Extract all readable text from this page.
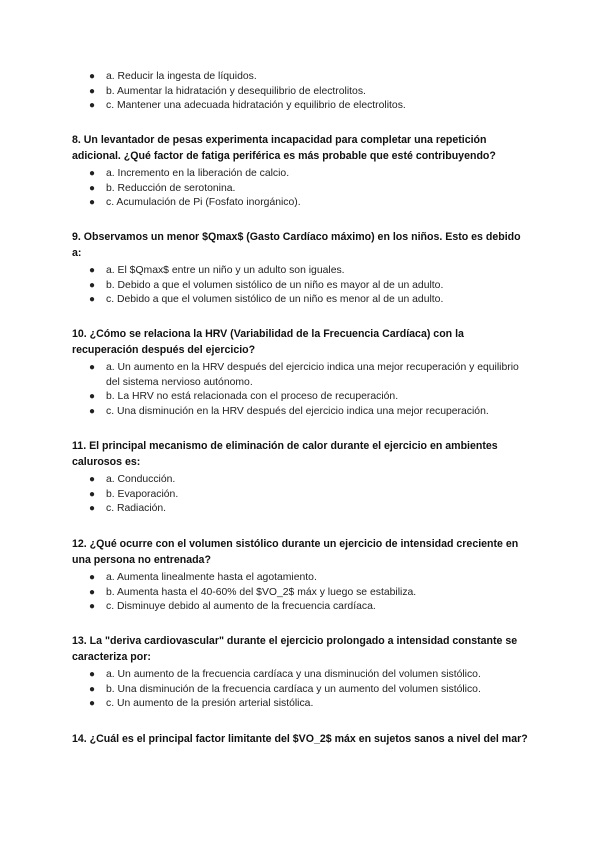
● a. Reducir la ingesta de líquidos.
● b. Aumentar la hidratación y desequilibrio de electrolitos.
● c. Mantener una adecuada hidratación y equilibrio de electrolitos.

8. Un levantador de pesas experimenta incapacidad para completar una repetición adicional. ¿Qué factor de fatiga periférica es más probable que esté contribuyendo?

● a. Incremento en la liberación de calcio.
● b. Reducción de serotonina.
● c. Acumulación de Pi (Fosfato inorgánico).

9. Observamos un menor $Qmax$ (Gasto Cardíaco máximo) en los niños. Esto es debido a:

● a. El $Qmax$ entre un niño y un adulto son iguales.
● b. Debido a que el volumen sistólico de un niño es mayor al de un adulto.
● c. Debido a que el volumen sistólico de un niño es menor al de un adulto.

10. ¿Cómo se relaciona la HRV (Variabilidad de la Frecuencia Cardíaca) con la recuperación después del ejercicio?

● a. Un aumento en la HRV después del ejercicio indica una mejor recuperación y equilibrio del sistema nervioso autónomo.
● b. La HRV no está relacionada con el proceso de recuperación.
● c. Una disminución en la HRV después del ejercicio indica una mejor recuperación.

11. El principal mecanismo de eliminación de calor durante el ejercicio en ambientes calurosos es:

● a. Conducción.
● b. Evaporación.
● c. Radiación.

12. ¿Qué ocurre con el volumen sistólico durante un ejercicio de intensidad creciente en una persona no entrenada?

● a. Aumenta linealmente hasta el agotamiento.
● b. Aumenta hasta el 40-60% del $VO_2$ máx y luego se estabiliza.
● c. Disminuye debido al aumento de la frecuencia cardíaca.

13. La "deriva cardiovascular" durante el ejercicio prolongado a intensidad constante se caracteriza por:

● a. Un aumento de la frecuencia cardíaca y una disminución del volumen sistólico.
● b. Una disminución de la frecuencia cardíaca y un aumento del volumen sistólico.
● c. Un aumento de la presión arterial sistólica.

14. ¿Cuál es el principal factor limitante del $VO_2$ máx en sujetos sanos a nivel del mar?
